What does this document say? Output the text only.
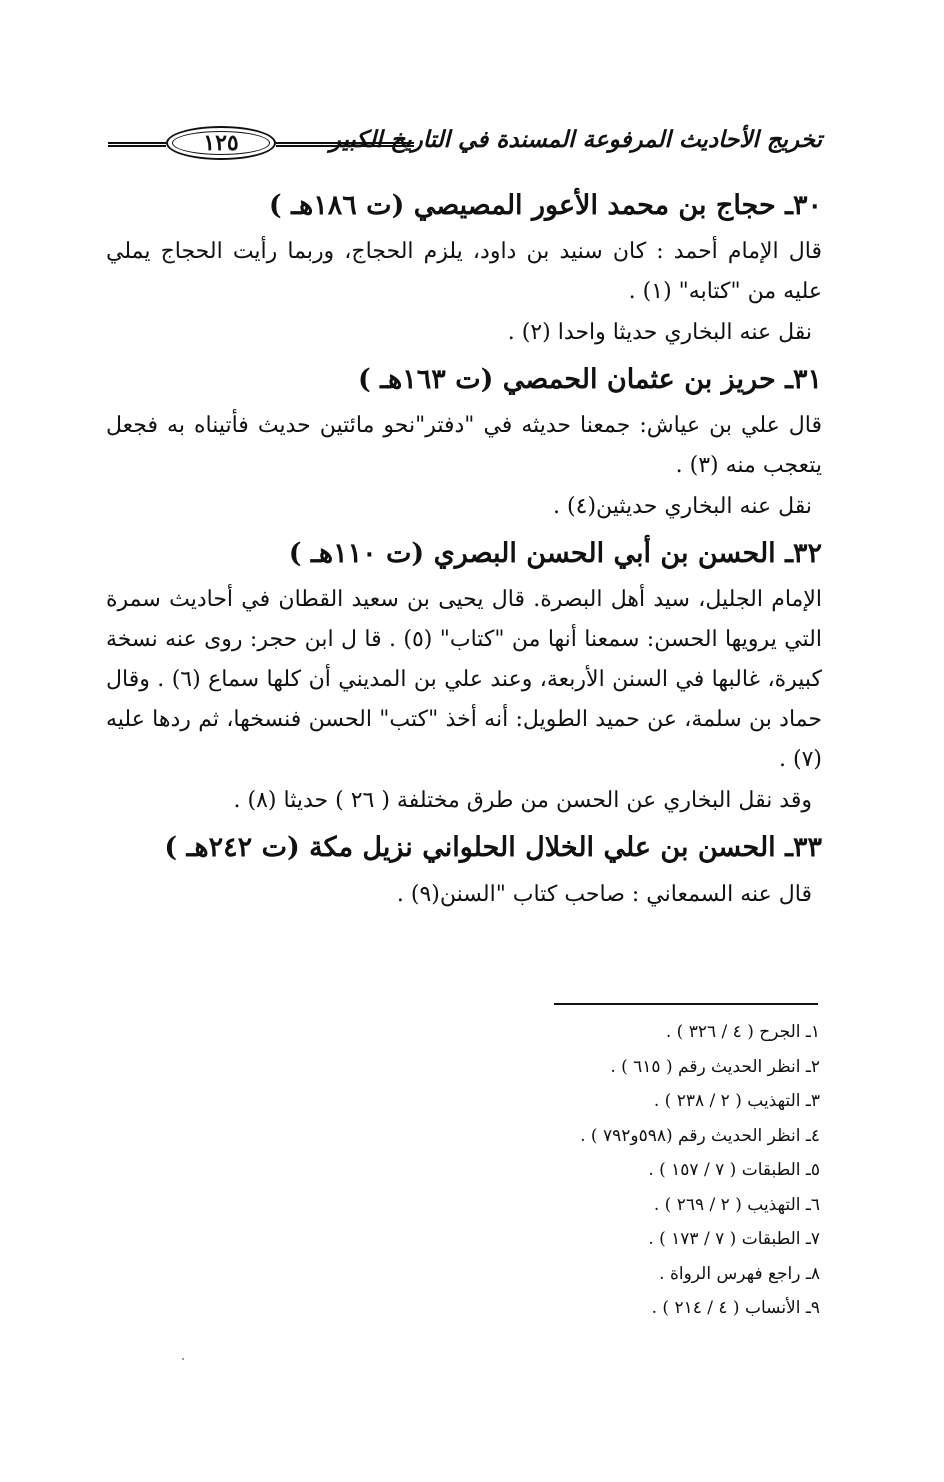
تخريج الأحاديث المرفوعة المسندة في التاريخ الكبير
١٢٥
٣٠ـ حجاج بن محمد الأعور المصيصي (ت ١٨٦هـ )

قال الإمام أحمد : كان سنيد بن داود، يلزم الحجاج، وربما رأيت الحجاج يملي عليه من "كتابه" (١) .

نقل عنه البخاري حديثا واحدا (٢) .

٣١ـ حريز بن عثمان الحمصي (ت ١٦٣هـ )

قال علي بن عياش: جمعنا حديثه في "دفتر"نحو مائتين حديث فأتيناه به فجعل يتعجب منه (٣) .

نقل عنه البخاري حديثين(٤) .

٣٢ـ الحسن بن أبي الحسن البصري (ت ١١٠هـ )

الإمام الجليل، سيد أهل البصرة. قال يحيى بن سعيد القطان في أحاديث سمرة التي يرويها الحسن: سمعنا أنها من "كتاب" (٥) . قا ل ابن حجر: روى عنه نسخة كبيرة، غالبها في السنن الأربعة، وعند علي بن المديني أن كلها سماع (٦) . وقال حماد بن سلمة، عن حميد الطويل: أنه أخذ "كتب" الحسن فنسخها، ثم ردها عليه (٧) .

وقد نقل البخاري عن الحسن من طرق مختلفة ( ٢٦ ) حديثا (٨) .

٣٣ـ الحسن بن علي الخلال الحلواني نزيل مكة (ت ٢٤٢هـ )

قال عنه السمعاني : صاحب كتاب "السنن(٩) .

١ـ الجرح ( ٤ / ٣٢٦ ) .
٢ـ انظر الحديث رقم ( ٦١٥ ) .
٣ـ التهذيب ( ٢ / ٢٣٨ ) .
٤ـ انظر الحديث رقم (٥٩٨و٧٩٢ ) .
٥ـ الطبقات ( ٧ / ١٥٧ ) .
٦ـ التهذيب ( ٢ / ٢٦٩ ) .
٧ـ الطبقات ( ٧ / ١٧٣ ) .
٨ـ راجع فهرس الرواة .
٩ـ الأنساب ( ٤ / ٢١٤ ) .
